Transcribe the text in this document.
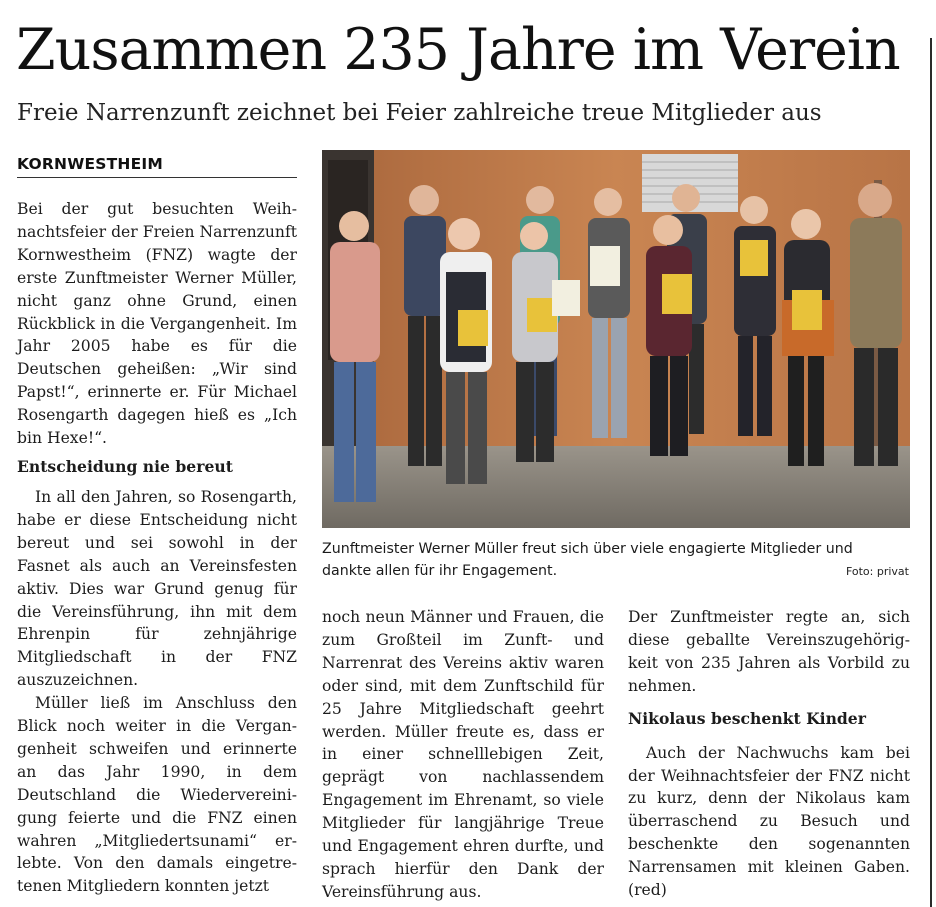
Zusammen 235 Jahre im Verein
Freie Narrenzunft zeichnet bei Feier zahlreiche treue Mitglieder aus
KORNWESTHEIM

Bei der gut besuchten Weihnachtsfeier der Freien Narrenzunft Kornwestheim (FNZ) wagte der erste Zunftmeister Werner Müller, nicht ganz ohne Grund, einen Rückblick in die Vergangenheit. Im Jahr 2005 habe es für die Deutschen geheißen: „Wir sind Papst!“, erinnerte er. Für Michael Rosengarth dagegen hieß es „Ich bin Hexe!“.

Entscheidung nie bereut

In all den Jahren, so Rosengarth, habe er diese Entscheidung nicht bereut und sei sowohl in der Fasnet als auch an Vereinsfesten aktiv. Dies war Grund genug für die Vereinsführung, ihn mit dem Ehrenpin für zehnjährige Mitgliedschaft in der FNZ auszuzeichnen.

Müller ließ im Anschluss den Blick noch weiter in die Vergangenheit schweifen und erinnerte an das Jahr 1990, in dem Deutschland die Wiedervereinigung feierte und die FNZ einen wahren „Mitgliedertsunami“ erlebte. Von den damals eingetretenen Mitgliedern konnten jetzt

Zunftmeister Werner Müller freut sich über viele engagierte Mitglieder und
dankte allen für ihr Engagement.	Foto: privat

noch neun Männer und Frauen, die zum Großteil im Zunft- und Narrenrat des Vereins aktiv waren oder sind, mit dem Zunftschild für 25 Jahre Mitgliedschaft geehrt werden. Müller freute es, dass er in einer schnelllebigen Zeit, geprägt von nachlassendem Engagement im Ehrenamt, so viele Mitglieder für langjährige Treue und Engagement ehren durfte, und sprach hierfür den Dank der Vereinsführung aus.

Der Zunftmeister regte an, sich diese geballte Vereinszugehörigkeit von 235 Jahren als Vorbild zu nehmen.

Nikolaus beschenkt Kinder

Auch der Nachwuchs kam bei der Weihnachtsfeier der FNZ nicht zu kurz, denn der Nikolaus kam überraschend zu Besuch und beschenkte den sogenannten Narrensamen mit kleinen Gaben. (red)
